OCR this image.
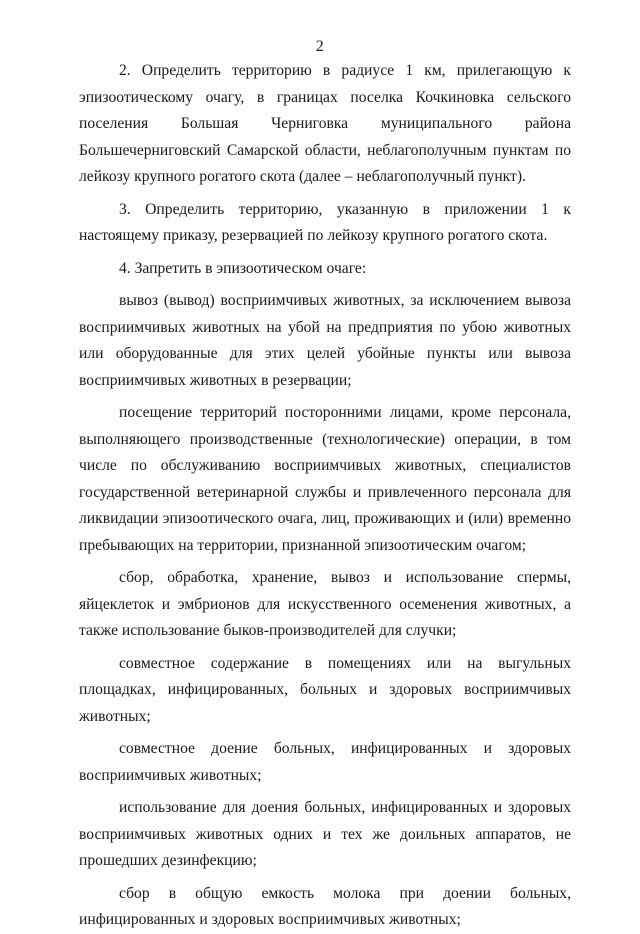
2

2. Определить территорию в радиусе 1 км, прилегающую к эпизоотическому очагу, в границах поселка Кочкиновка сельского поселения Большая Черниговка муниципального района Большечерниговский Самарской области, неблагополучным пунктам по лейкозу крупного рогатого скота (далее – неблагополучный пункт).

3. Определить территорию, указанную в приложении 1 к настоящему приказу, резервацией по лейкозу крупного рогатого скота.

4. Запретить в эпизоотическом очаге:

вывоз (вывод) восприимчивых животных, за исключением вывоза восприимчивых животных на убой на предприятия по убою животных или оборудованные для этих целей убойные пункты или вывоза восприимчивых животных в резервации;

посещение территорий посторонними лицами, кроме персонала, выполняющего производственные (технологические) операции, в том числе по обслуживанию восприимчивых животных, специалистов государственной ветеринарной службы и привлеченного персонала для ликвидации эпизоотического очага, лиц, проживающих и (или) временно пребывающих на территории, признанной эпизоотическим очагом;

сбор, обработка, хранение, вывоз и использование спермы, яйцеклеток и эмбрионов для искусственного осеменения животных, а также использование быков-производителей для случки;

совместное содержание в помещениях или на выгульных площадках, инфицированных, больных и здоровых восприимчивых животных;

совместное доение больных, инфицированных и здоровых восприимчивых животных;

использование для доения больных, инфицированных и здоровых восприимчивых животных одних и тех же доильных аппаратов, не прошедших дезинфекцию;

сбор в общую емкость молока при доении больных, инфицированных и здоровых восприимчивых животных;
